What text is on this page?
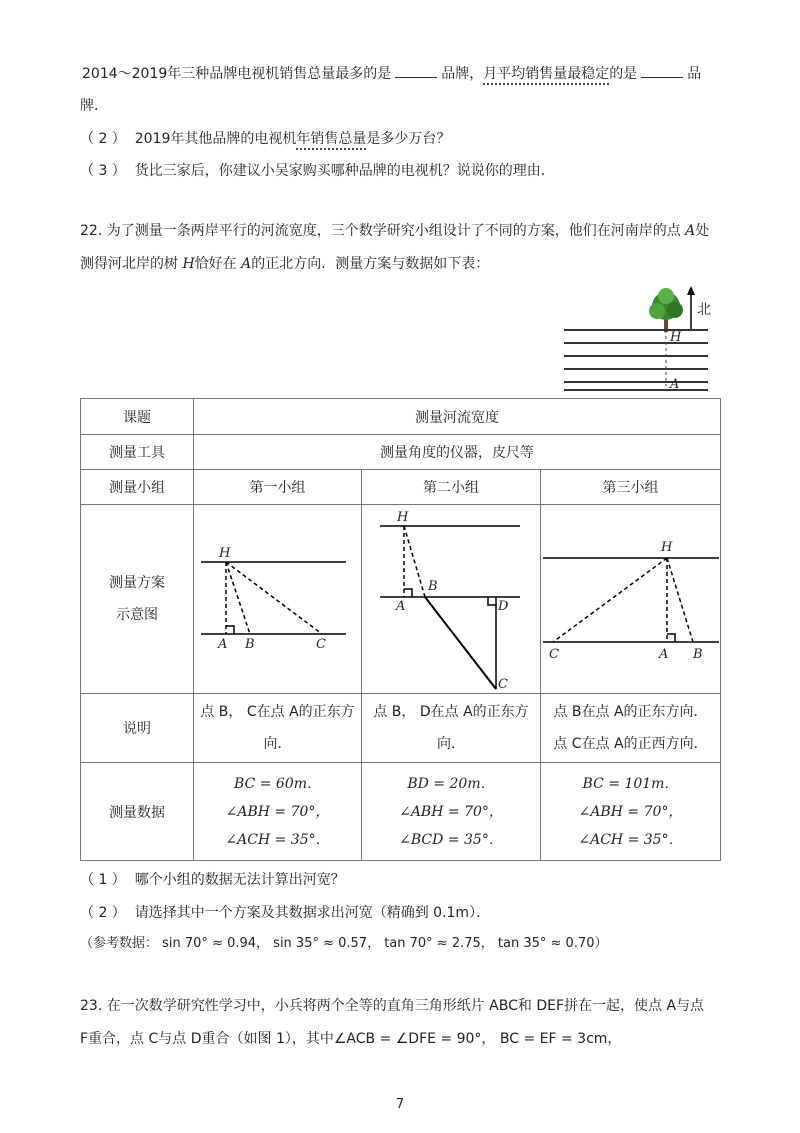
2014～2019年三种品牌电视机销售总量最多的是	品牌，月平均销售量最稳定的是	品
牌．
（ 2 ） 2019年其他品牌的电视机年销售总量是多少万台？
（ 3 ） 货比三家后，你建议小吴家购买哪种品牌的电视机？说说你的理由．
22. 为了测量一条两岸平行的河流宽度，三个数学研究小组设计了不同的方案，他们在河南岸的点 A处
测得河北岸的树 H恰好在 A的正北方向．测量方案与数据如下表：
北
H
A
课题	测量河流宽度		
测量工具	测量角度的仪器，皮尺等		
测量小组	第一小组	第二小组	第三小组

测量方案
示意图	H
A B C	H
A
B
D
C	H
C A B

说明	点 B， C在点 A的正东方
向．	点 B， D在点 A的正东方
向．	点 B在点 A的正东方向．
点 C在点 A的正西方向．

测量数据	BC = 60m．
∠ABH = 70°，
∠ACH = 35°．	BD = 20m．
∠ABH = 70°，
∠BCD = 35°．	BC = 101m．
∠ABH = 70°，
∠ACH = 35°．
（ 1 ） 哪个小组的数据无法计算出河宽？
（ 2 ） 请选择其中一个方案及其数据求出河宽（精确到 0.1m）．
（参考数据： sin 70° ≈ 0.94， sin 35° ≈ 0.57， tan 70° ≈ 2.75， tan 35° ≈ 0.70）
23. 在一次数学研究性学习中，小兵将两个全等的直角三角形纸片 ABC和 DEF拼在一起，使点 A与点
F重合，点 C与点 D重合（如图 1），其中∠ACB = ∠DFE = 90°， BC = EF = 3cm，
7
